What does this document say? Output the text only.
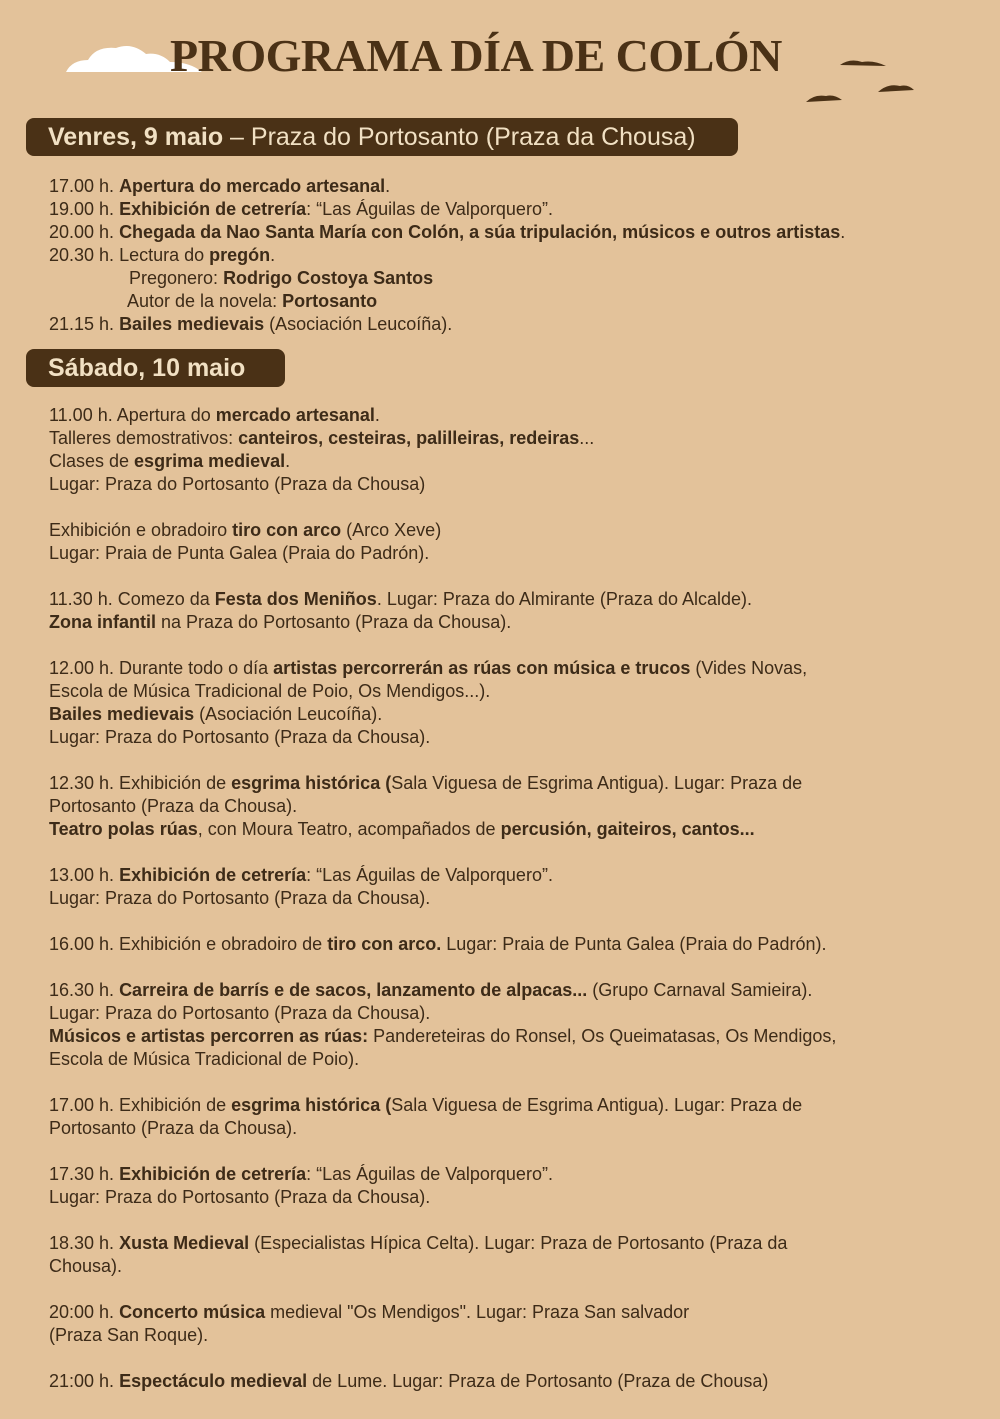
PROGRAMA DÍA DE COLÓN
Venres, 9 maio – Praza do Portosanto (Praza da Chousa)
17.00 h. Apertura do mercado artesanal.
19.00 h. Exhibición de cetrería: “Las Águilas de Valporquero”.
20.00 h. Chegada da Nao Santa María con Colón, a súa tripulación, músicos e outros artistas.
20.30 h. Lectura do pregón.
Pregonero: Rodrigo Costoya Santos
Autor de la novela: Portosanto
21.15 h. Bailes medievais (Asociación Leucoíña).
Sábado, 10 maio
11.00 h. Apertura do mercado artesanal.
Talleres demostrativos: canteiros, cesteiras, palilleiras, redeiras...
Clases de esgrima medieval.
Lugar: Praza do Portosanto (Praza da Chousa)
Exhibición e obradoiro tiro con arco (Arco Xeve)
Lugar: Praia de Punta Galea (Praia do Padrón).
11.30 h. Comezo da Festa dos Meniños. Lugar: Praza do Almirante (Praza do Alcalde).
Zona infantil na Praza do Portosanto (Praza da Chousa).
12.00 h. Durante todo o día artistas percorrerán as rúas con música e trucos (Vides Novas,
Escola de Música Tradicional de Poio, Os Mendigos...).
Bailes medievais (Asociación Leucoíña).
Lugar: Praza do Portosanto (Praza da Chousa).
12.30 h. Exhibición de esgrima histórica (Sala Viguesa de Esgrima Antigua). Lugar: Praza de
Portosanto (Praza da Chousa).
Teatro polas rúas, con Moura Teatro, acompañados de percusión, gaiteiros, cantos...
13.00 h. Exhibición de cetrería: “Las Águilas de Valporquero”.
Lugar: Praza do Portosanto (Praza da Chousa).
16.00 h. Exhibición e obradoiro de tiro con arco. Lugar: Praia de Punta Galea (Praia do Padrón).
16.30 h. Carreira de barrís e de sacos, lanzamento de alpacas... (Grupo Carnaval Samieira).
Lugar: Praza do Portosanto (Praza da Chousa).
Músicos e artistas percorren as rúas: Pandereteiras do Ronsel, Os Queimatasas, Os Mendigos,
Escola de Música Tradicional de Poio).
17.00 h. Exhibición de esgrima histórica (Sala Viguesa de Esgrima Antigua). Lugar: Praza de
Portosanto (Praza da Chousa).
17.30 h. Exhibición de cetrería: “Las Águilas de Valporquero”.
Lugar: Praza do Portosanto (Praza da Chousa).
18.30 h. Xusta Medieval (Especialistas Hípica Celta). Lugar: Praza de Portosanto (Praza da
Chousa).
20:00 h. Concerto música medieval "Os Mendigos". Lugar: Praza San salvador
(Praza San Roque).
21:00 h. Espectáculo medieval de Lume. Lugar: Praza de Portosanto (Praza de Chousa)
